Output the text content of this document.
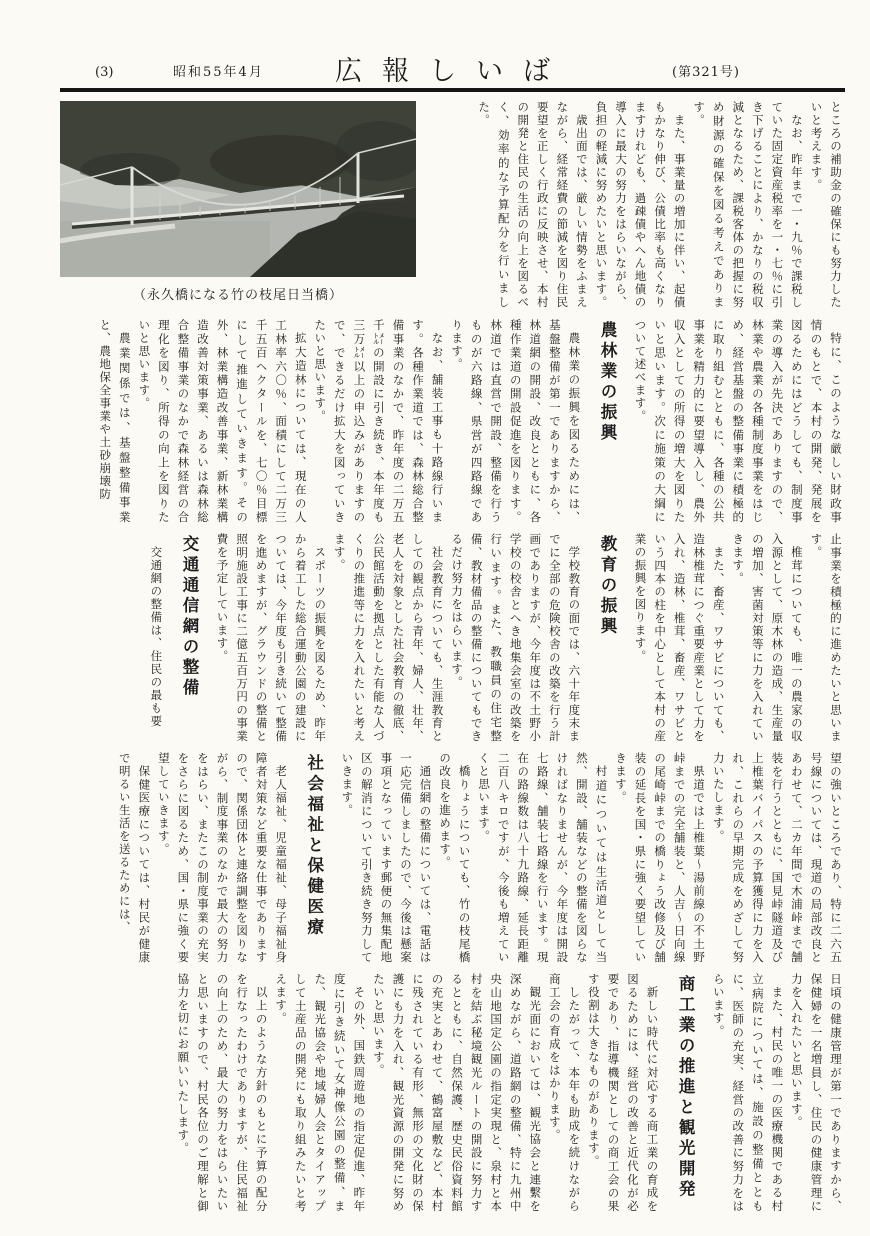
(3)	昭和55年4月	広報しいば	(第321号)
（永久橋になる竹の枝尾日当橋）	ところの補助金の確保にも努力したいと考えます。

なお、昨年まで一・九％で課税していた固定資産税率を一・七％に引き下げることにより、かなりの税収減となるため、課税客体の把握に努め財源の確保を図る考えであります。

また、事業量の増加に伴い、起債もかなり伸び、公債比率も高くなりますけれども、過疎債やへん地債の導入に最大の努力をはらいながら、負担の軽減に努めたいと思います。

歳出面では、厳しい情勢をふまえながら、経常経費の節減を図り住民要望を正しく行政に反映させ、本村の開発と住民の生活の向上を図るべく、効率的な予算配分を行いました。

特に、このような厳しい財政事情のもとで、本村の開発、発展を図るためにはどうしても、制度事業の導入が先決でありますので、林業や農業の各種制度事業をはじめ、経営基盤の整備事業に積極的に取り組むとともに、各種の公共事業を精力的に要望導入し、農外収入としての所得の増大を図りたいと思います。次に施策の大綱について述べます。

農林業の振興

農林業の振興を図るためには、基盤整備が第一でありますから、林道網の開設、改良とともに、各種作業道の開設促進を図ります。林道では直営で開設、整備を行うものが六路線、県営が四路線であります。

なお、舗装工事も十路線行います。各種作業道では、森林総合整備事業のなかで、昨年度の二万五千㍍の開設に引き続き、本年度も三万㍍以上の申込みがありますので、できるだけ拡大を図っていきたいと思います。

拡大造林については、現在の人工林率六〇％、面積にして二万三千五百ヘクタールを、七〇％目標にして推進していきます。その外、林業構造改善事業、新林業構造改善対策事業、あるいは森林総合整備事業のなかで森林経営の合理化を図り、所得の向上を図りたいと思います。

農業関係では、基盤整備事業と、農地保全事業や土砂崩壊防

止事業を積極的に進めたいと思います。

椎茸についても、唯一の農家の収入源として、原木林の造成、生産量の増加、害菌対策等に力を入れていきます。

また、畜産、ワサビについても、造林椎茸につぐ重要産業として力を入れ、造林、椎茸、畜産、ワサビという四本の柱を中心として本村の産業の振興を図ります。

教育の振興

学校教育の面では、六十年度末までに全部の危険校舎の改築を行う計画でありますが、今年度は不土野小学校の校舎とへき地集会室の改築を行います。また、教職員の住宅整備、教材備品の整備についてもできるだけ努力をはらいます。

社会教育についても、生涯教育としての観点から青年、婦人、壮年、老人を対象とした社会教育の徹底、公民館活動を拠点とした有能な人づくりの推進等に力を入れたいと考えます。

スポーツの振興を図るため、昨年から着工した総合運動公園の建設については、今年度も引き続いて整備を進めますが、グラウンドの整備と照明施設工事に二億五百万円の事業費を予定しています。

交通通信網の整備

交通網の整備は、住民の最も要

望の強いところであり、特に二六五号線については、現道の局部改良とあわせて、二カ年間で木浦峠まで舗装を行うとともに、国見峠隧道及び上椎葉バイパスの予算獲得に力を入れ、これらの早期完成をめざして努力いたします。

県道では上椎葉～湯前線の不土野峠までの完全舗装と、人吉～日向線の尾崎峠までの橋りょう改修及び舗装の延長を国・県に強く要望していきます。

村道については生活道として当然、開設、舗装などの整備を図らなければなりませんが、今年度は開設七路線、舗装七路線を行います。現在の路線数は八十九路線、延長距離二百八キロですが、今後も増えていくと思います。

橋りょうについても、竹の枝尾橋の改良を進めます。

通信網の整備については、電話は一応完備しましたので、今後は懸案事項となっています郵便の無集配地区の解消について引き続き努力していきます。

社会福祉と保健医療

老人福祉、児童福祉、母子福祉身障者対策など重要な仕事でありますので、関係団体と連絡調整を図りながら、制度事業のなかで最大の努力をはらい、またこの制度事業の充実をさらに図るため、国・県に強く要望していきます。

保健医療については、村民が健康で明るい生活を送るためには、

日頃の健康管理が第一でありますから、保健婦を一名増員し、住民の健康管理に力を入れたいと思います。

また、村民の唯一の医療機関である村立病院については、施設の整備とともに、医師の充実、経営の改善に努力をはらいます。

商工業の推進と観光開発

新しい時代に対応する商工業の育成を図るためには、経営の改善と近代化が必要であり、指導機関としての商工会の果す役割は大きなものがあります。

したがって、本年も助成を続けながら商工会の育成をはかります。

観光面においては、観光協会と連繫を深めながら、道路網の整備、特に九州中央山地国定公園の指定実現と、泉村と本村を結ぶ秘境観光ルートの開設に努力するとともに、自然保護、歴史民俗資料館の充実とあわせて、鶴富屋敷など、本村に残されている有形、無形の文化財の保護にも力を入れ、観光資源の開発に努めたいと思います。

その外、国鉄周遊地の指定促進、昨年度に引き続いて女神像公園の整備、また、観光協会や地域婦人会とタイアップして土産品の開発にも取り組みたいと考えます。

以上のような方針のもとに予算の配分を行なったわけでありますが、住民福祉の向上のため、最大の努力をはらいたいと思いますので、村民各位のご理解と御協力を切にお願いいたします。
